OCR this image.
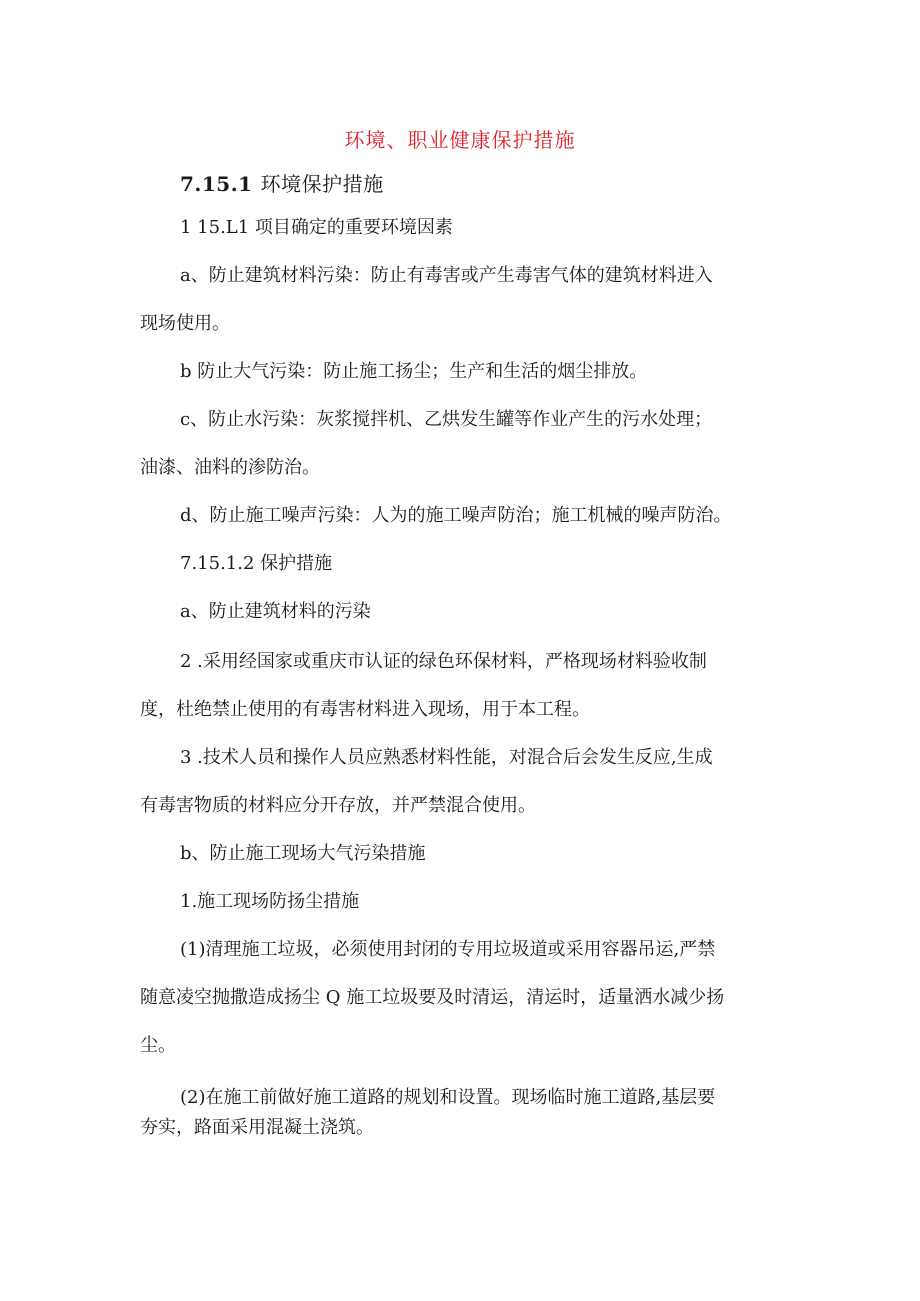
环境、职业健康保护措施
7.15.1 环境保护措施
1 15.L1 项目确定的重要环境因素
a、防止建筑材料污染：防止有毒害或产生毒害气体的建筑材料进入
现场使用。
b 防止大气污染：防止施工扬尘；生产和生活的烟尘排放。
c、防止水污染：灰浆搅拌机、乙烘发生罐等作业产生的污水处理；
油漆、油料的渗防治。
d、防止施工噪声污染：人为的施工噪声防治；施工机械的噪声防治。
7.15.1.2 保护措施
a、防止建筑材料的污染
2 .采用经国家或重庆市认证的绿色环保材料，严格现场材料验收制
度，杜绝禁止使用的有毒害材料进入现场，用于本工程。
3 .技术人员和操作人员应熟悉材料性能，对混合后会发生反应,生成
有毒害物质的材料应分开存放，并严禁混合使用。
b、防止施工现场大气污染措施
1.施工现场防扬尘措施
(1)清理施工垃圾，必须使用封闭的专用垃圾道或采用容器吊运,严禁
随意凌空抛撒造成扬尘 Q 施工垃圾要及时清运，清运时，适量洒水减少扬
尘。
(2)在施工前做好施工道路的规划和设置。现场临时施工道路,基层要
夯实，路面采用混凝土浇筑。
